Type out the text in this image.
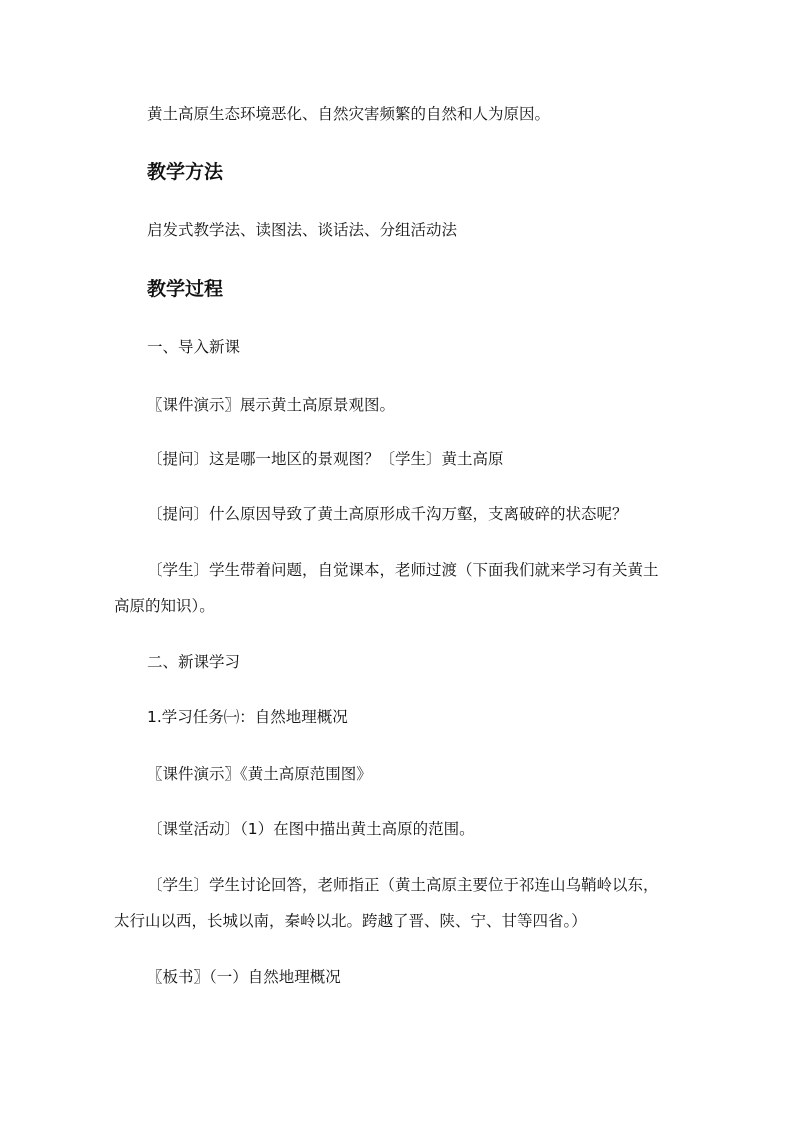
黄土高原生态环境恶化、自然灾害频繁的自然和人为原因。
教学方法
启发式教学法、读图法、谈话法、分组活动法
教学过程
一、导入新课
〖课件演示〗展示黄土高原景观图。
〔提问〕这是哪一地区的景观图？〔学生〕黄土高原
〔提问〕什么原因导致了黄土高原形成千沟万壑，支离破碎的状态呢？
〔学生〕学生带着问题，自觉课本，老师过渡（下面我们就来学习有关黄土
高原的知识）。
二、新课学习
1.学习任务㈠：自然地理概况
〖课件演示〗《黄土高原范围图》
〔课堂活动〕（1）在图中描出黄土高原的范围。
〔学生〕学生讨论回答，老师指正（黄土高原主要位于祁连山乌鞘岭以东，
太行山以西，长城以南，秦岭以北。跨越了晋、陕、宁、甘等四省。）
〖板书〗（一）自然地理概况
